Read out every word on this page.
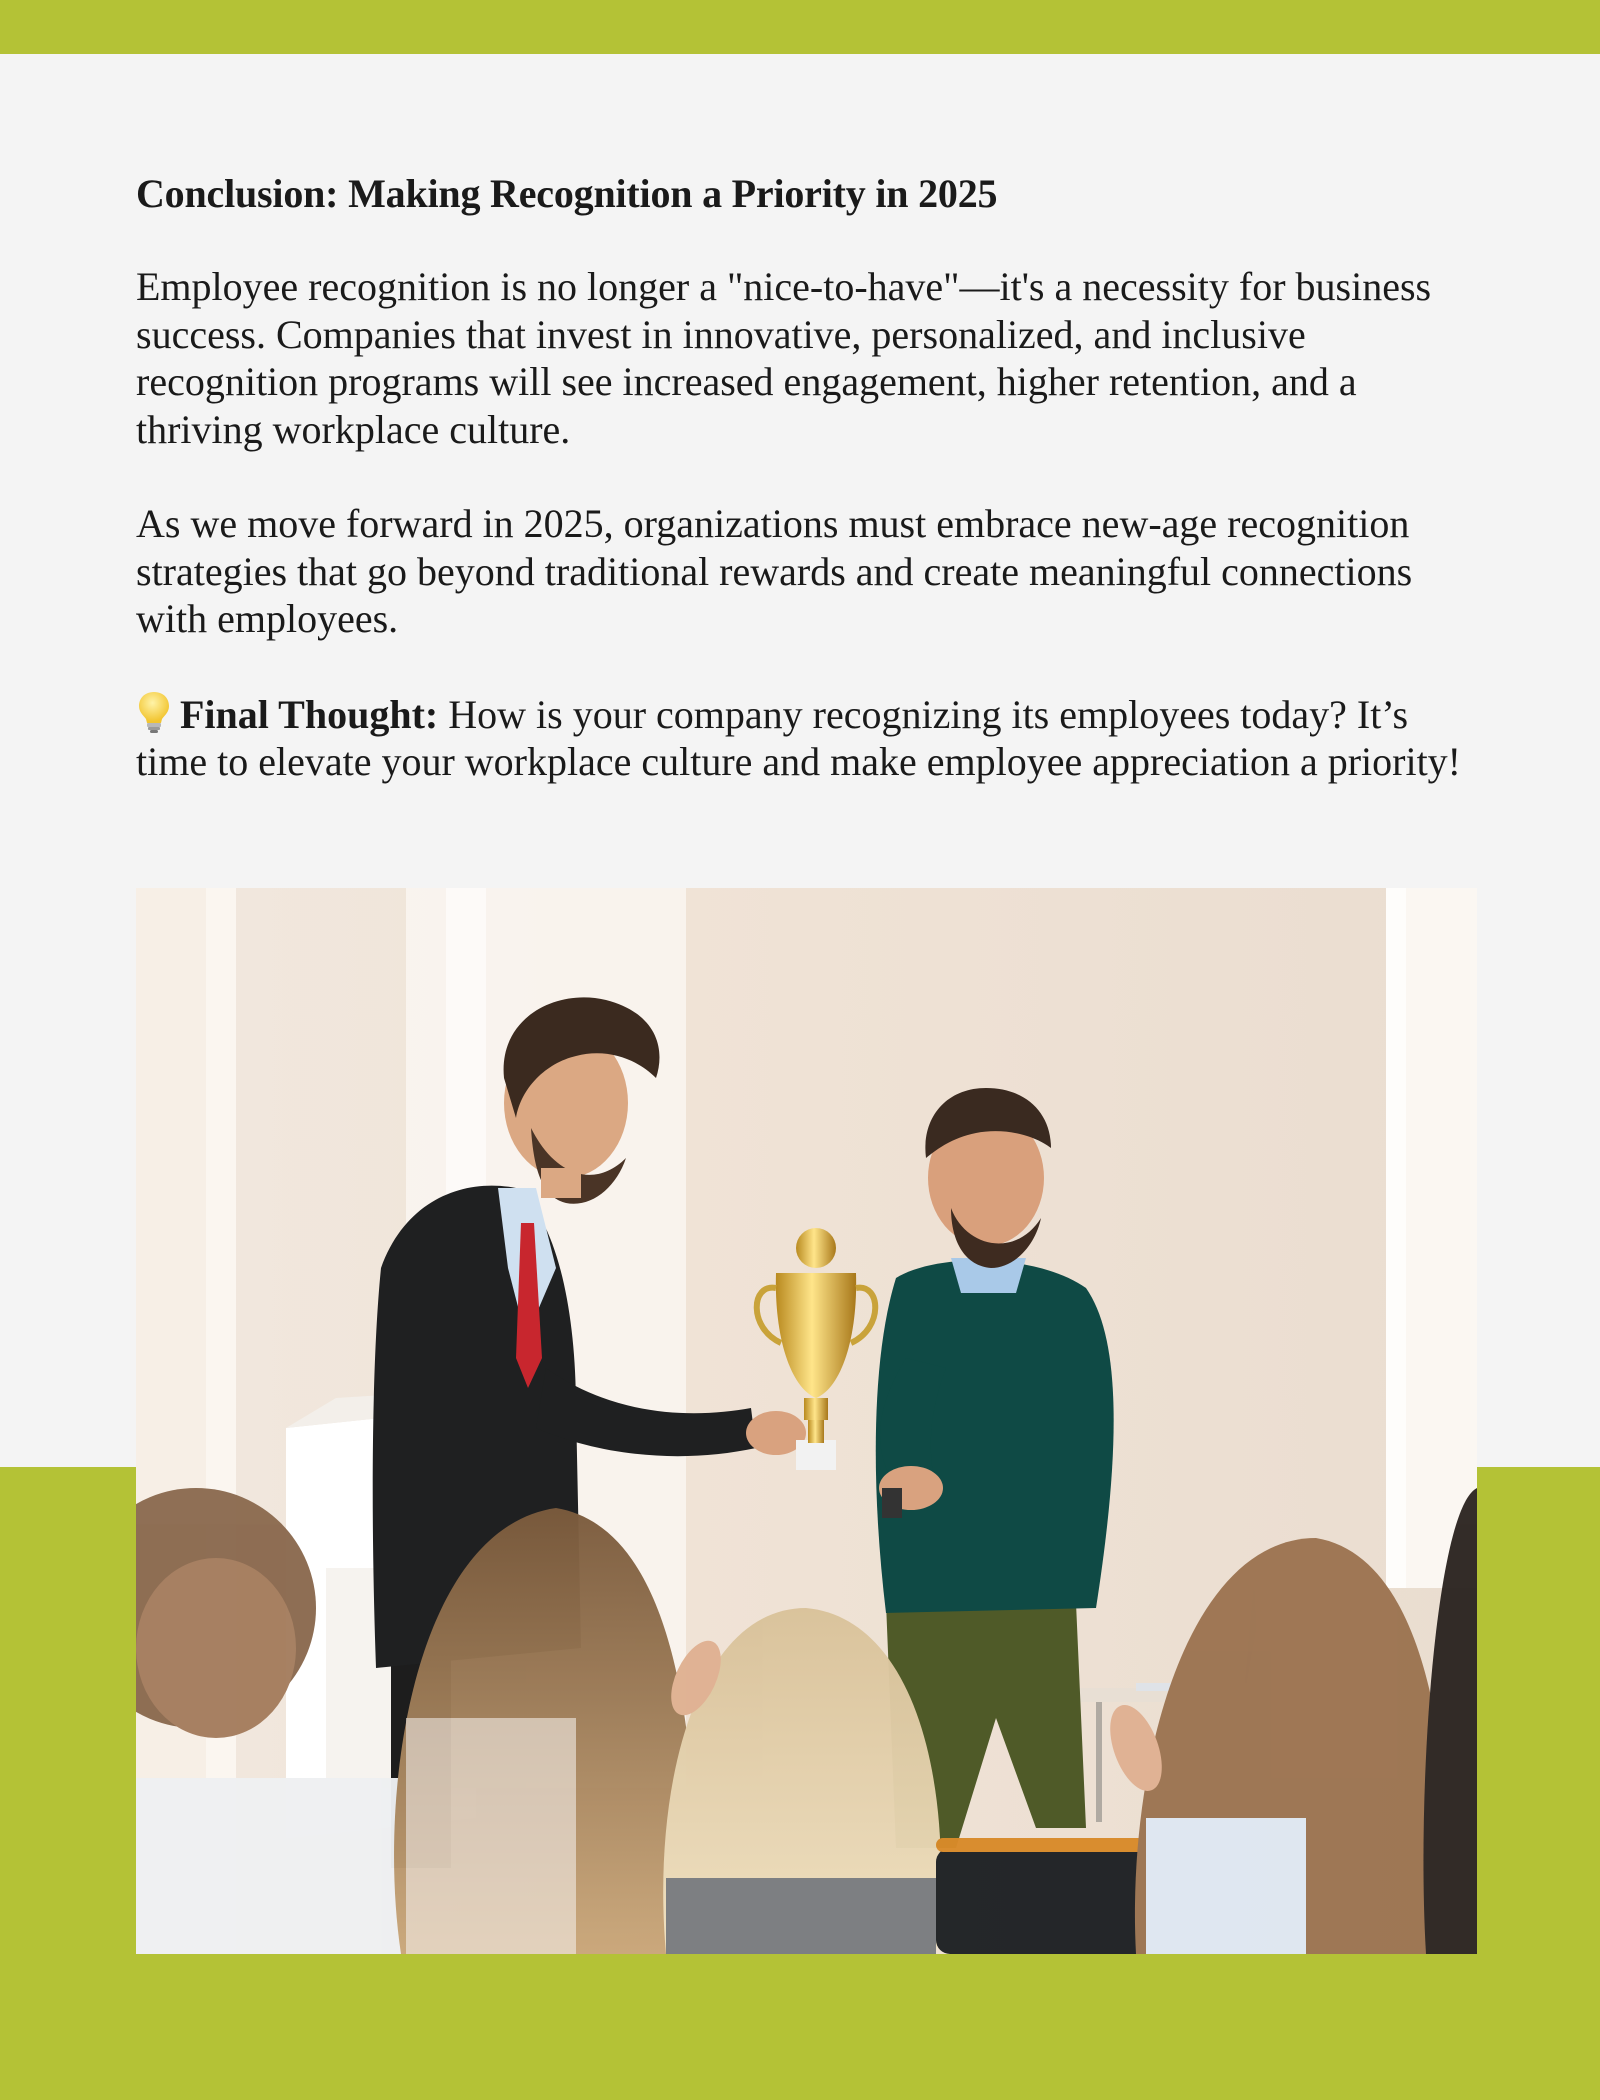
Conclusion: Making Recognition a Priority in 2025

Employee recognition is no longer a "nice-to-have"—it's a necessity for business success. Companies that invest in innovative, personalized, and inclusive recognition programs will see increased engagement, higher retention, and a thriving workplace culture.

As we move forward in 2025, organizations must embrace new-age recognition strategies that go beyond traditional rewards and create meaningful connections with employees.

Final Thought: How is your company recognizing its employees today? It’s time to elevate your workplace culture and make employee appreciation a priority!
